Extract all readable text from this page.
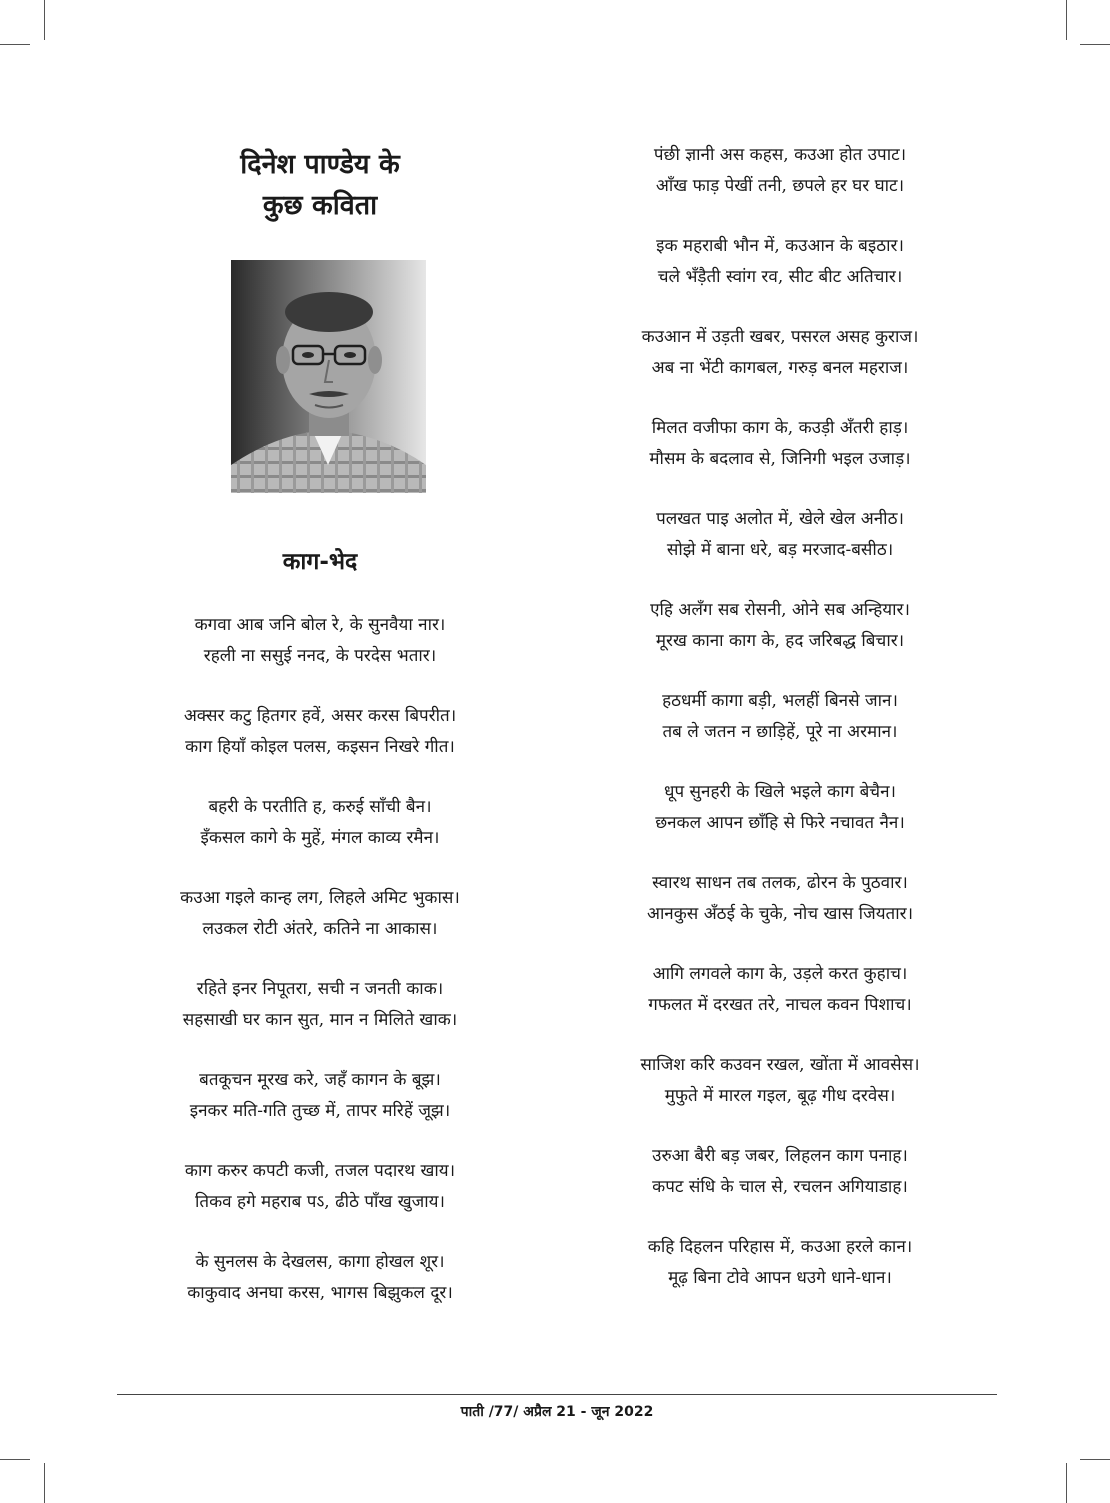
दिनेश पाण्डेय के
कुछ कविता
काग-भेद
कगवा आब जनि बोल रे, के सुनवैया नार।
रहली ना ससुई ननद, के परदेस भतार।
अक्सर कटु हितगर हवें, असर करस बिपरीत।
काग हियाँ कोइल पलस, कइसन निखरे गीत।
बहरी के परतीति ह, करुई साँची बैन।
इँकसल कागे के मुहें, मंगल काव्य रमैन।
कउआ गइले कान्ह लग, लिहले अमिट भुकास।
लउकल रोटी अंतरे, कतिने ना आकास।
रहिते इनर निपूतरा, सची न जनती काक।
सहसाखी घर कान सुत, मान न मिलिते खाक।
बतकूचन मूरख करे, जहँ कागन के बूझ।
इनकर मति-गति तुच्छ में, तापर मरिहें जूझ।
काग करुर कपटी कजी, तजल पदारथ खाय।
तिकव हगे महराब पऽ, ढीठे पाँख खुजाय।
के सुनलस के देखलस, कागा होखल शूर।
काकुवाद अनघा करस, भागस बिझुकल दूर।
पंछी ज्ञानी अस कहस, कउआ होत उपाट।
आँख फाड़ पेखीं तनी, छपले हर घर घाट।
इक महराबी भौन में, कउआन के बइठार।
चले भँड़ैती स्वांग रव, सीट बीट अतिचार।
कउआन में उड़ती खबर, पसरल असह कुराज।
अब ना भेंटी कागबल, गरुड़ बनल महराज।
मिलत वजीफा काग के, कउड़ी अँतरी हाड़।
मौसम के बदलाव से, जिनिगी भइल उजाड़।
पलखत पाइ अलोत में, खेले खेल अनीठ।
सोझे में बाना धरे, बड़ मरजाद-बसीठ।
एहि अलँग सब रोसनी, ओने सब अन्हियार।
मूरख काना काग के, हद जरिबद्ध बिचार।
हठधर्मी कागा बड़ी, भलहीं बिनसे जान।
तब ले जतन न छाड़िहें, पूरे ना अरमान।
धूप सुनहरी के खिले भइले काग बेचैन।
छनकल आपन छाँहि से फिरे नचावत नैन।
स्वारथ साधन तब तलक, ढोरन के पुठवार।
आनकुस अँठई के चुके, नोच खास जियतार।
आगि लगवले काग के, उड़ले करत कुहाच।
गफलत में दरखत तरे, नाचल कवन पिशाच।
साजिश करि कउवन रखल, खोंता में आवसेस।
मुफुते में मारल गइल, बूढ़ गीध दरवेस।
उरुआ बैरी बड़ जबर, लिहलन काग पनाह।
कपट संधि के चाल से, रचलन अगियाडाह।
कहि दिहलन परिहास में, कउआ हरले कान।
मूढ़ बिना टोवे आपन धउगे धाने-धान।
पाती /77/ अप्रैल 21 - जून 2022
